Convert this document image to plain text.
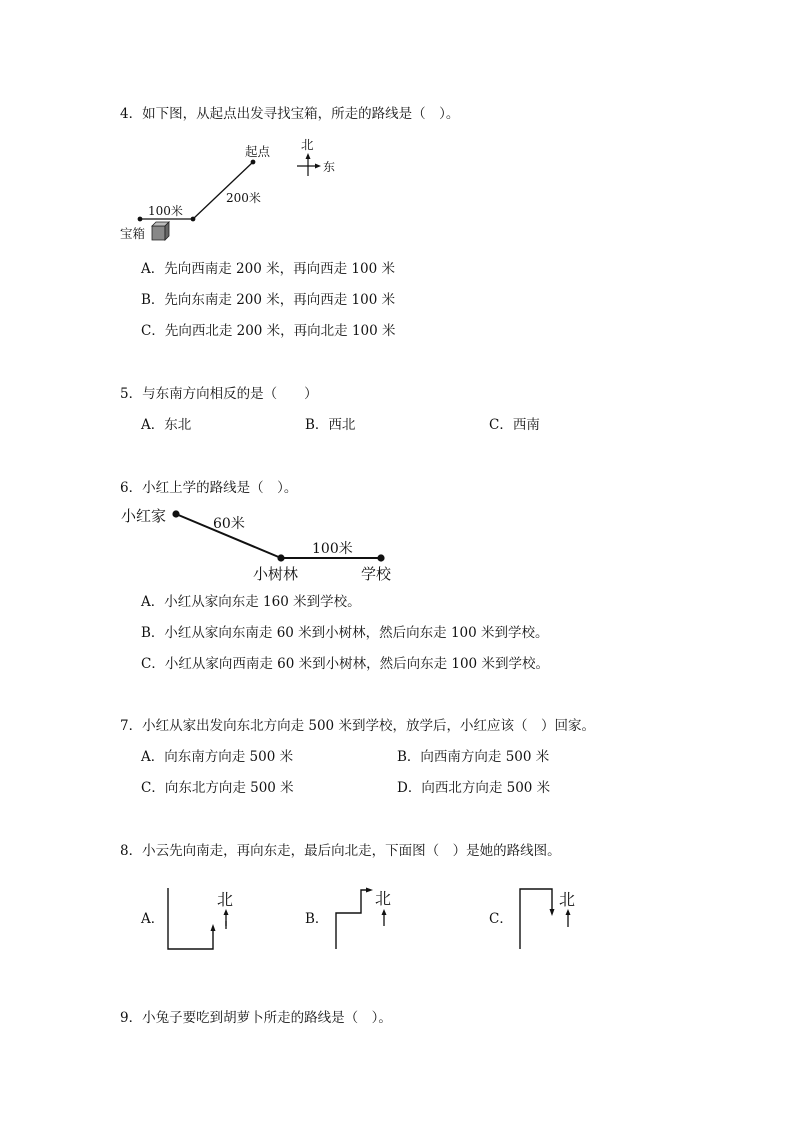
4．如下图，从起点出发寻找宝箱，所走的路线是（　）。
起点
200米
100米
宝箱
北
东
A．先向西南走 200 米，再向西走 100 米
B．先向东南走 200 米，再向西走 100 米
C．先向西北走 200 米，再向北走 100 米
5．与东南方向相反的是（　　）
A．东北	B．西北	C．西南
6．小红上学的路线是（　）。
小红家	60米
100米
小树林	学校
A．小红从家向东走 160 米到学校。
B．小红从家向东南走 60 米到小树林，然后向东走 100 米到学校。
C．小红从家向西南走 60 米到小树林，然后向东走 100 米到学校。
7．小红从家出发向东北方向走 500 米到学校，放学后，小红应该（　）回家。
A．向东南方向走 500 米	B．向西南方向走 500 米
C．向东北方向走 500 米	D．向西北方向走 500 米
8．小云先向南走，再向东走，最后向北走，下面图（　）是她的路线图。
A．
北
B．
北
C．
北
9．小兔子要吃到胡萝卜所走的路线是（　）。
